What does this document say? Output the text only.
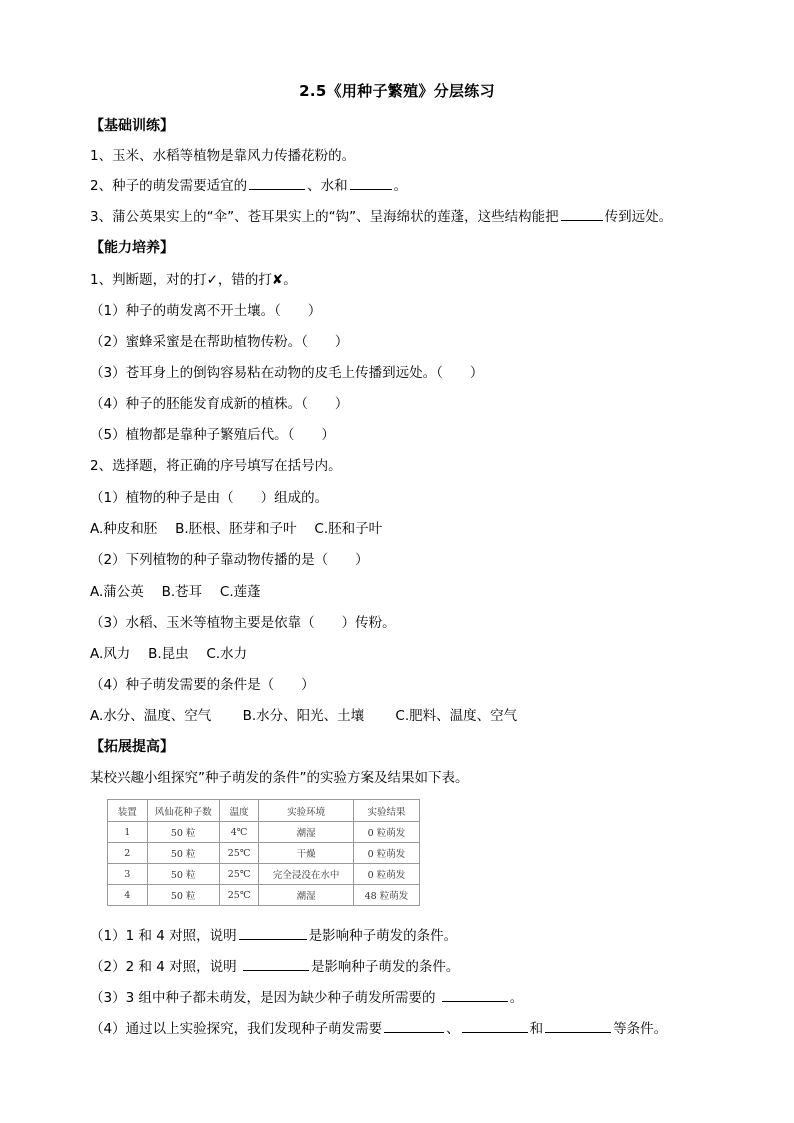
2.5《用种子繁殖》分层练习
【基础训练】
1、玉米、水稻等植物是靠风力传播花粉的。
2、种子的萌发需要适宜的	、水和	。
3、蒲公英果实上的“伞”、苍耳果实上的“钩”、呈海绵状的莲蓬，这些结构能把	传到远处。
【能力培养】
1、判断题，对的打✓，错的打✘。
（1）种子的萌发离不开土壤。（　　）
（2）蜜蜂采蜜是在帮助植物传粉。（　　）
（3）苍耳身上的倒钩容易粘在动物的皮毛上传播到远处。（　　）
（4）种子的胚能发育成新的植株。（　　）
（5）植物都是靠种子繁殖后代。（　　）
2、选择题，将正确的序号填写在括号内。
（1）植物的种子是由（　　）组成的。
A.种皮和胚　 B.胚根、胚芽和子叶　 C.胚和子叶
（2）下列植物的种子靠动物传播的是（　　）
A.蒲公英　 B.苍耳　 C.莲蓬
（3）水稻、玉米等植物主要是依靠（　　）传粉。
A.风力　 B.昆虫　 C.水力
（4）种子萌发需要的条件是（　　）
A.水分、温度、空气　　 B.水分、阳光、土壤　　 C.肥料、温度、空气
【拓展提高】
某校兴趣小组探究”种子萌发的条件”的实验方案及结果如下表。
装置	风仙花种子数	温度	实验环境	实验结果
1	50 粒	4℃	潮湿	0 粒萌发
2	50 粒	25℃	干燥	0 粒萌发
3	50 粒	25℃	完全浸没在水中	0 粒萌发
4	50 粒	25℃	潮湿	48 粒萌发
（1）1 和 4 对照，说明	是影响种子萌发的条件。
（2）2 和 4 对照，说明	是影响种子萌发的条件。
（3）3 组中种子都未萌发，是因为缺少种子萌发所需要的	。
（4）通过以上实验探究，我们发现种子萌发需要	、	和	等条件。
